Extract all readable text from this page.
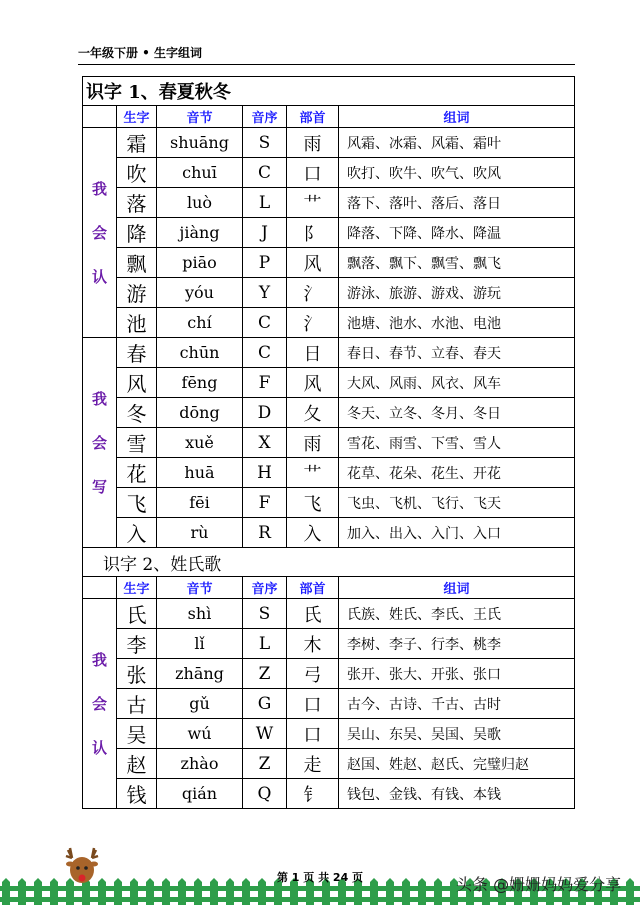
一年级下册 • 生字组词
识字 1、春夏秋冬					
	生字	音节	音序	部首	组词

我
会
认	霜	shuāng	S	雨	风霜、冰霜、风霜、霜叶
	吹	chuī	C	口	吹打、吹牛、吹气、吹风
	落	luò	L	艹	落下、落叶、落后、落日
	降	jiàng	J	阝	降落、下降、降水、降温
	飘	piāo	P	风	飘落、飘下、飘雪、飘飞
	游	yóu	Y	氵	游泳、旅游、游戏、游玩
	池	chí	C	氵	池塘、池水、水池、电池

我
会
写	春	chūn	C	日	春日、春节、立春、春天
	风	fēng	F	风	大风、风雨、风衣、风车
	冬	dōng	D	夂	冬天、立冬、冬月、冬日
	雪	xuě	X	雨	雪花、雨雪、下雪、雪人
	花	huā	H	艹	花草、花朵、花生、开花
	飞	fēi	F	飞	飞虫、飞机、飞行、飞天
	入	rù	R	入	加入、出入、入门、入口
识字 2、姓氏歌					
	生字	音节	音序	部首	组词

我
会
认	氏	shì	S	氏	氏族、姓氏、李氏、王氏
	李	lǐ	L	木	李树、李子、行李、桃李
	张	zhāng	Z	弓	张开、张大、开张、张口
	古	gǔ	G	口	古今、古诗、千古、古时
	吴	wú	W	口	吴山、东吴、吴国、吴歌
	赵	zhào	Z	走	赵国、姓赵、赵氏、完璧归赵
	钱	qián	Q	钅	钱包、金钱、有钱、本钱
第 1 页 共 24 页	头条 @姗姗妈妈爱分享
